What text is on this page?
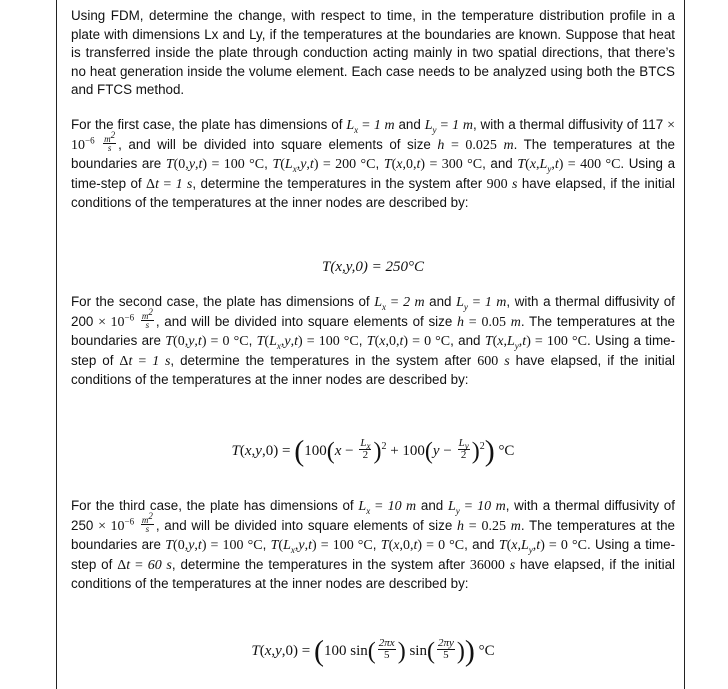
Using FDM, determine the change, with respect to time, in the temperature distribution profile in a plate with dimensions Lx and Ly, if the temperatures at the boundaries are known. Suppose that heat is transferred inside the plate through conduction acting mainly in two spatial directions, that there’s no heat generation inside the volume element. Each case needs to be analyzed using both the BTCS and FTCS method.

For the first case, the plate has dimensions of $L_x = 1$ m and $L_y = 1$ m, with a thermal diffusivity of $117 \times 10^{-6} \frac{m^2}{s}$ , and will be divided into square elements of size h = 0.025 m. The temperatures at the boundaries are T(0,y,t) = 100 °C, $T(L_x,y,t) = 200$ °C, T(x,0,t) = 300 °C, and $T(x,L_y,t) = 400$ °C. Using a time-step of Δt = 1 s, determine the temperatures in the system after 900 s have elapsed, if the initial conditions of the temperatures at the inner nodes are described by:

T(x,y,0) = 250°C

For the second case, the plate has dimensions of $L_x = 2$ m and $L_y = 1$ m, with a thermal diffusivity of $200 \times 10^{-6} \frac{m^2}{s}$ , and will be divided into square elements of size h = 0.05 m. The temperatures at the boundaries are T(0,y,t) = 0 °C, $T(L_x,y,t) = 100$ °C, T(x,0,t) = 0 °C, and $T(x,L_y,t) = 100$ °C. Using a time-step of Δt = 1 s, determine the temperatures in the system after 600 s have elapsed, if the initial conditions of the temperatures at the inner nodes are described by:

$T(x,y,0) = (100(x - \frac{L_x}{2} )^2 + 100(y - \frac{L_y}{2} )^2)$ °C

For the third case, the plate has dimensions of $L_x = 10$ m and $L_y = 10$ m, with a thermal diffusivity of $250 \times 10^{-6} \frac{m^2}{s}$ , and will be divided into square elements of size h = 0.25 m. The temperatures at the boundaries are T(0,y,t) = 100 °C, $T(L_x,y,t) = 100$ °C, T(x,0,t) = 0 °C, and $T(x,L_y,t) = 0$ °C. Using a time-step of Δt = 60 s, determine the temperatures in the system after 36000 s have elapsed, if the initial conditions of the temperatures at the inner nodes are described by:

T(x,y,0) = (100 $\sin( \frac{2\pi x}{5}$ ) $\sin( \frac{2\pi y}{5}$ )) °C
